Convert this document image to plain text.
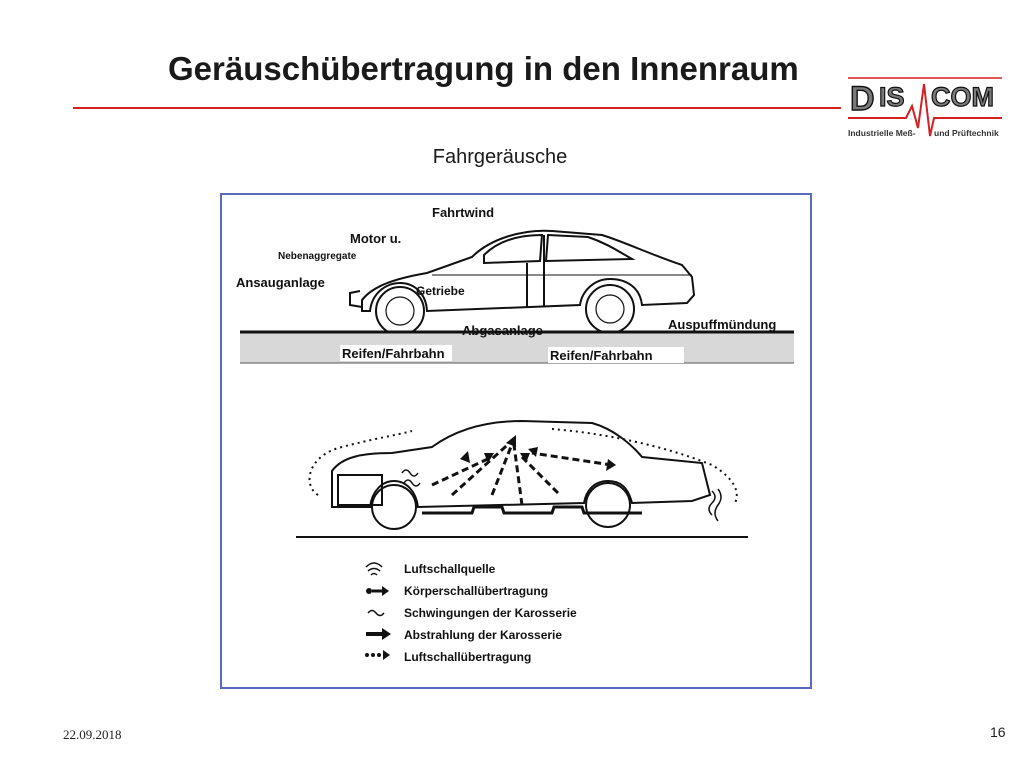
Geräuschübertragung in den Innenraum
D IS COM
Industrielle Meß- und Prüftechnik
Fahrgeräusche
Fahrtwind
Motor u.
Nebenaggregate
Ansauganlage
Getriebe
Abgasanlage	Auspuffmündung
Reifen/Fahrbahn	Reifen/Fahrbahn
Luftschallquelle
Körperschallübertragung
Schwingungen der Karosserie
Abstrahlung der Karosserie
Luftschallübertragung
22.09.2018	16
